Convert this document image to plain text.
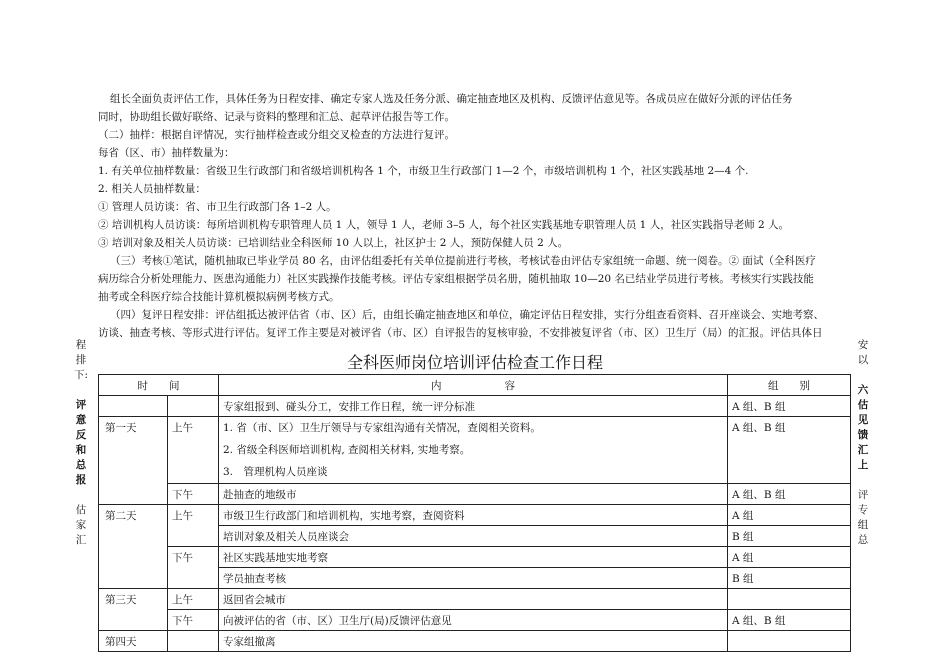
组长全面负责评估工作，具体任务为日程安排、确定专家人选及任务分派、确定抽查地区及机构、反馈评估意见等。各成员应在做好分派的评估任务
同时，协助组长做好联络、记录与资料的整理和汇总、起草评估报告等工作。
（二）抽样：根据自评情况，实行抽样检查或分组交叉检查的方法进行复评。
每省（区、市）抽样数量为：
1. 有关单位抽样数量：省级卫生行政部门和省级培训机构各 1 个，市级卫生行政部门 1—2 个，市级培训机构 1 个，社区实践基地 2—4 个.
2. 相关人员抽样数量：
① 管理人员访谈：省、市卫生行政部门各 1–2 人。
② 培训机构人员访谈：每所培训机构专职管理人员 1 人，领导 1 人，老师 3–5 人，每个社区实践基地专职管理人员 1 人，社区实践指导老师 2 人。
③ 培训对象及相关人员访谈：已培训结业全科医师 10 人以上，社区护士 2 人，预防保健人员 2 人。
（三）考核①笔试，随机抽取已毕业学员 80 名，由评估组委托有关单位提前进行考核，考核试卷由评估专家组统一命题、统一阅卷。② 面试（全科医疗
病历综合分析处理能力、医患沟通能力）社区实践操作技能考核。评估专家组根据学员名册，随机抽取 10—20 名已结业学员进行考核。考核实行实践技能
抽考或全科医疗综合技能计算机模拟病例考核方式。
（四）复评日程安排：评估组抵达被评估省（市、区）后，由组长确定抽查地区和单位，确定评估日程安排，实行分组查看资料、召开座谈会、实地考察、
访谈、抽查考核、等形式进行评估。复评工作主要是对被评省（市、区）自评报告的复核审验，不安排被复评省（市、区）卫生厅（局）的汇报。评估具体日
程
排
下:
评
意
反
和
总
报
估
家
汇
安
以
六
估
见
馈
汇
上
评
专
组
总
全科医师岗位培训评估检查工作日程
时　　间		内　　　　　　容	组　　别
		专家组报到、碰头分工，安排工作日程，统一评分标准	A 组、B 组
第一天	上午	1. 省（市、区）卫生厅领导与专家组沟通有关情况，查阅相关资料。
2. 省级全科医师培训机构, 查阅相关材料, 实地考察。
3.　管理机构人员座谈	A 组、B 组
	下午	赴抽查的地级市	A 组、B 组
第二天	上午	市级卫生行政部门和培训机构，实地考察，查阅资料	A 组
		培训对象及相关人员座谈会	B 组
	下午	社区实践基地实地考察	A 组
		学员抽查考核	B 组
第三天	上午	返回省会城市	
	下午	向被评估的省（市、区）卫生厅(局)反馈评估意见	A 组、B 组
第四天		专家组撤离	
